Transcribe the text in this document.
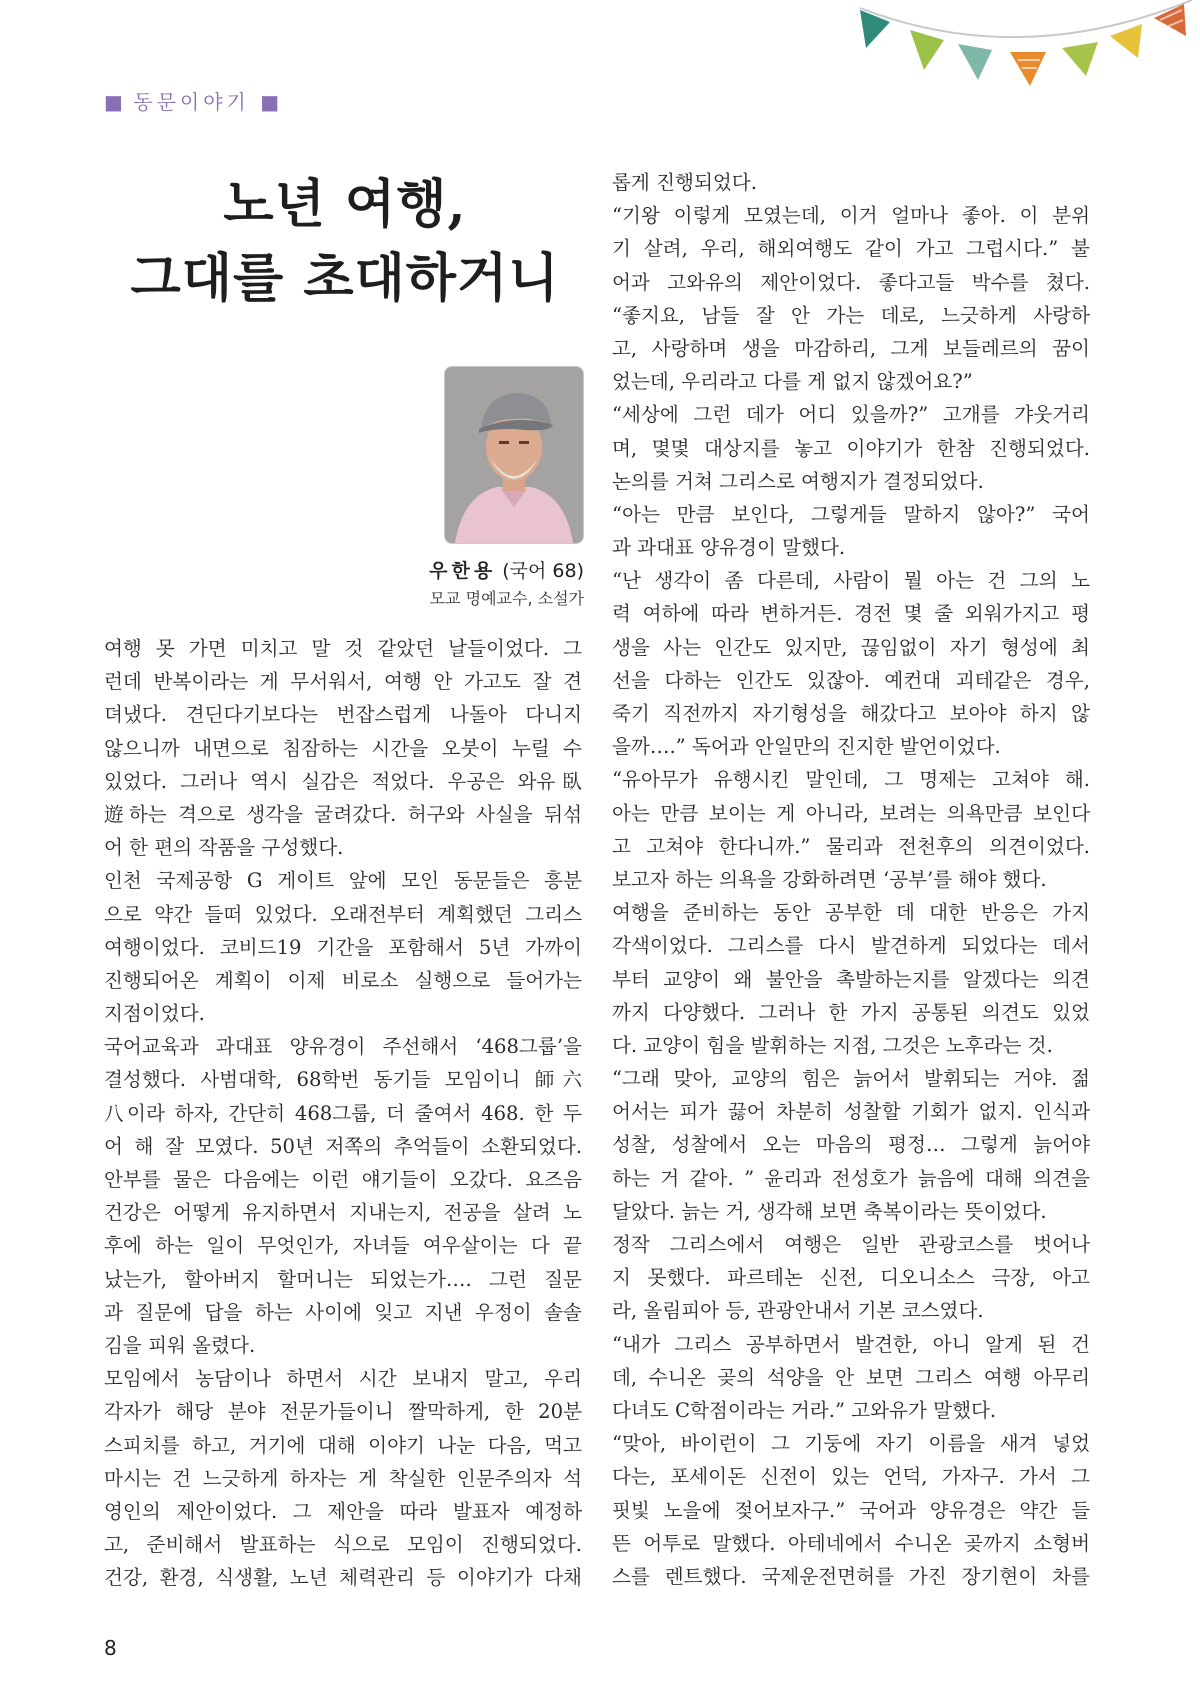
■ 동문이야기 ■
노년 여행,
그대를 초대하거니
우한용 (국어 68)
모교 명예교수, 소설가
여행 못 가면 미치고 말 것 같았던 날들이었다. 그
런데 반복이라는 게 무서워서, 여행 안 가고도 잘 견
뎌냈다. 견딘다기보다는 번잡스럽게 나돌아 다니지
않으니까 내면으로 침잠하는 시간을 오붓이 누릴 수
있었다. 그러나 역시 실감은 적었다. 우공은 와유臥
遊하는 격으로 생각을 굴려갔다. 허구와 사실을 뒤섞
어 한 편의 작품을 구성했다.
인천 국제공항 G 게이트 앞에 모인 동문들은 흥분
으로 약간 들떠 있었다. 오래전부터 계획했던 그리스
여행이었다. 코비드19 기간을 포함해서 5년 가까이
진행되어온 계획이 이제 비로소 실행으로 들어가는
지점이었다.
국어교육과 과대표 양유경이 주선해서 ‘468그룹’을
결성했다. 사범대학, 68학번 동기들 모임이니 師六
八이라 하자, 간단히 468그룹, 더 줄여서 468. 한 두
어 해 잘 모였다. 50년 저쪽의 추억들이 소환되었다.
안부를 물은 다음에는 이런 얘기들이 오갔다. 요즈음
건강은 어떻게 유지하면서 지내는지, 전공을 살려 노
후에 하는 일이 무엇인가, 자녀들 여우살이는 다 끝
났는가, 할아버지 할머니는 되었는가…. 그런 질문
과 질문에 답을 하는 사이에 잊고 지낸 우정이 솔솔
김을 피워 올렸다.
모임에서 농담이나 하면서 시간 보내지 말고, 우리
각자가 해당 분야 전문가들이니 짤막하게, 한 20분
스피치를 하고, 거기에 대해 이야기 나눈 다음, 먹고
마시는 건 느긋하게 하자는 게 착실한 인문주의자 석
영인의 제안이었다. 그 제안을 따라 발표자 예정하
고, 준비해서 발표하는 식으로 모임이 진행되었다.
건강, 환경, 식생활, 노년 체력관리 등 이야기가 다채
롭게 진행되었다.
“기왕 이렇게 모였는데, 이거 얼마나 좋아. 이 분위
기 살려, 우리, 해외여행도 같이 가고 그럽시다.” 불
어과 고와유의 제안이었다. 좋다고들 박수를 쳤다.
“좋지요, 남들 잘 안 가는 데로, 느긋하게 사랑하
고, 사랑하며 생을 마감하리, 그게 보들레르의 꿈이
었는데, 우리라고 다를 게 없지 않겠어요?”
“세상에 그런 데가 어디 있을까?” 고개를 갸웃거리
며, 몇몇 대상지를 놓고 이야기가 한참 진행되었다.
논의를 거쳐 그리스로 여행지가 결정되었다.
“아는 만큼 보인다, 그렇게들 말하지 않아?” 국어
과 과대표 양유경이 말했다.
“난 생각이 좀 다른데, 사람이 뭘 아는 건 그의 노
력 여하에 따라 변하거든. 경전 몇 줄 외워가지고 평
생을 사는 인간도 있지만, 끊임없이 자기 형성에 최
선을 다하는 인간도 있잖아. 예컨대 괴테같은 경우,
죽기 직전까지 자기형성을 해갔다고 보아야 하지 않
을까….” 독어과 안일만의 진지한 발언이었다.
“유아무가 유행시킨 말인데, 그 명제는 고쳐야 해.
아는 만큼 보이는 게 아니라, 보려는 의욕만큼 보인다
고 고쳐야 한다니까.” 물리과 전천후의 의견이었다.
보고자 하는 의욕을 강화하려면 ‘공부’를 해야 했다.
여행을 준비하는 동안 공부한 데 대한 반응은 가지
각색이었다. 그리스를 다시 발견하게 되었다는 데서
부터 교양이 왜 불안을 촉발하는지를 알겠다는 의견
까지 다양했다. 그러나 한 가지 공통된 의견도 있었
다. 교양이 힘을 발휘하는 지점, 그것은 노후라는 것.
“그래 맞아, 교양의 힘은 늙어서 발휘되는 거야. 젊
어서는 피가 끓어 차분히 성찰할 기회가 없지. 인식과
성찰, 성찰에서 오는 마음의 평정… 그렇게 늙어야
하는 거 같아. ” 윤리과 전성호가 늙음에 대해 의견을
달았다. 늙는 거, 생각해 보면 축복이라는 뜻이었다.
정작 그리스에서 여행은 일반 관광코스를 벗어나
지 못했다. 파르테논 신전, 디오니소스 극장, 아고
라, 올림피아 등, 관광안내서 기본 코스였다.
“내가 그리스 공부하면서 발견한, 아니 알게 된 건
데, 수니온 곶의 석양을 안 보면 그리스 여행 아무리
다녀도 C학점이라는 거라.” 고와유가 말했다.
“맞아, 바이런이 그 기둥에 자기 이름을 새겨 넣었
다는, 포세이돈 신전이 있는 언덕, 가자구. 가서 그
핏빛 노을에 젖어보자구.” 국어과 양유경은 약간 들
뜬 어투로 말했다. 아테네에서 수니온 곶까지 소형버
스를 렌트했다. 국제운전면허를 가진 장기현이 차를
8
